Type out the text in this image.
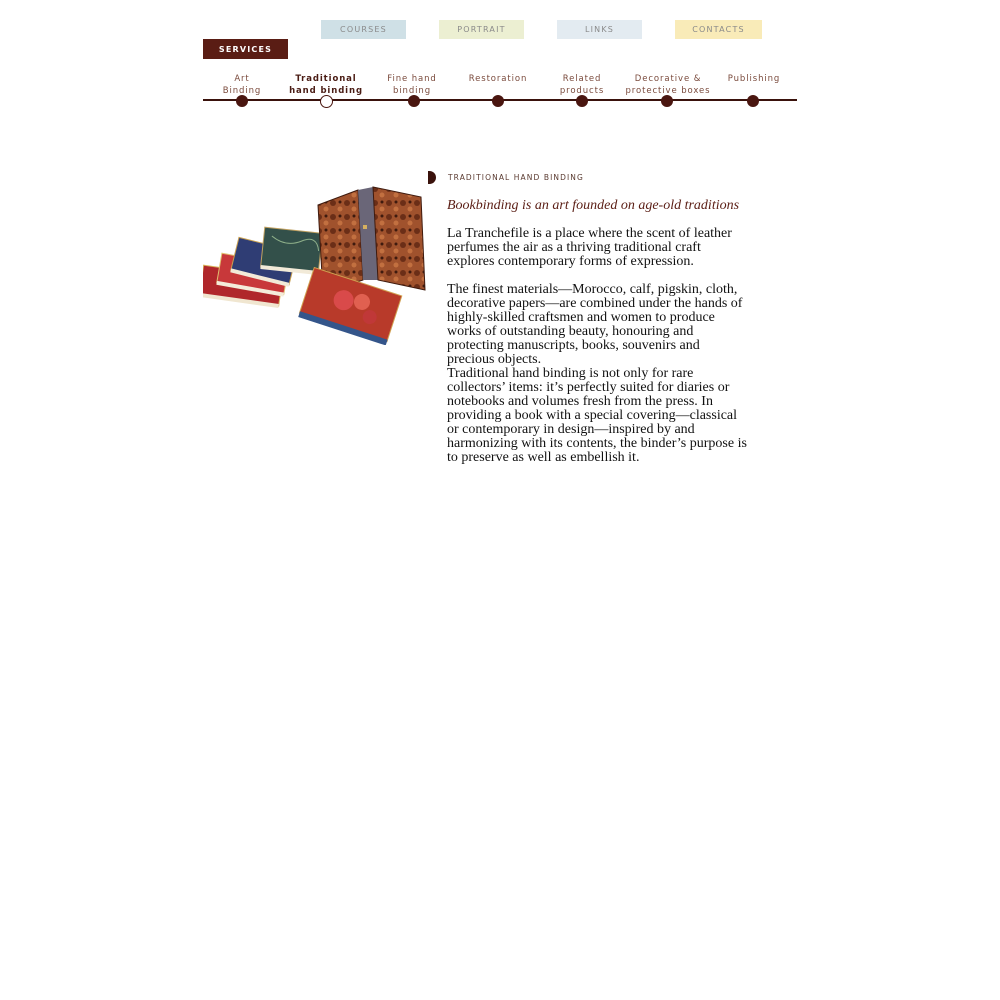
COURSES	PORTRAIT	LINKS	CONTACTS
SERVICES
Art
Binding
Traditional
hand binding
Fine hand
binding
Restoration	Related
products
Decorative &
protective boxes
Publishing
TRADITIONAL HAND BINDING
Bookbinding is an art founded on age-old traditions

La Tranchefile is a place where the scent of leather perfumes the air as a thriving traditional craft explores contemporary forms of expression.

The finest materials—Morocco, calf, pigskin, cloth, decorative papers—are combined under the hands of highly-skilled craftsmen and women to produce works of outstanding beauty, honouring and protecting manuscripts, books, souvenirs and precious objects.

Traditional hand binding is not only for rare collectors’ items: it’s perfectly suited for diaries or notebooks and volumes fresh from the press. In providing a book with a special covering—classical or contemporary in design—inspired by and harmonizing with its contents, the binder’s purpose is to preserve as well as embellish it.
